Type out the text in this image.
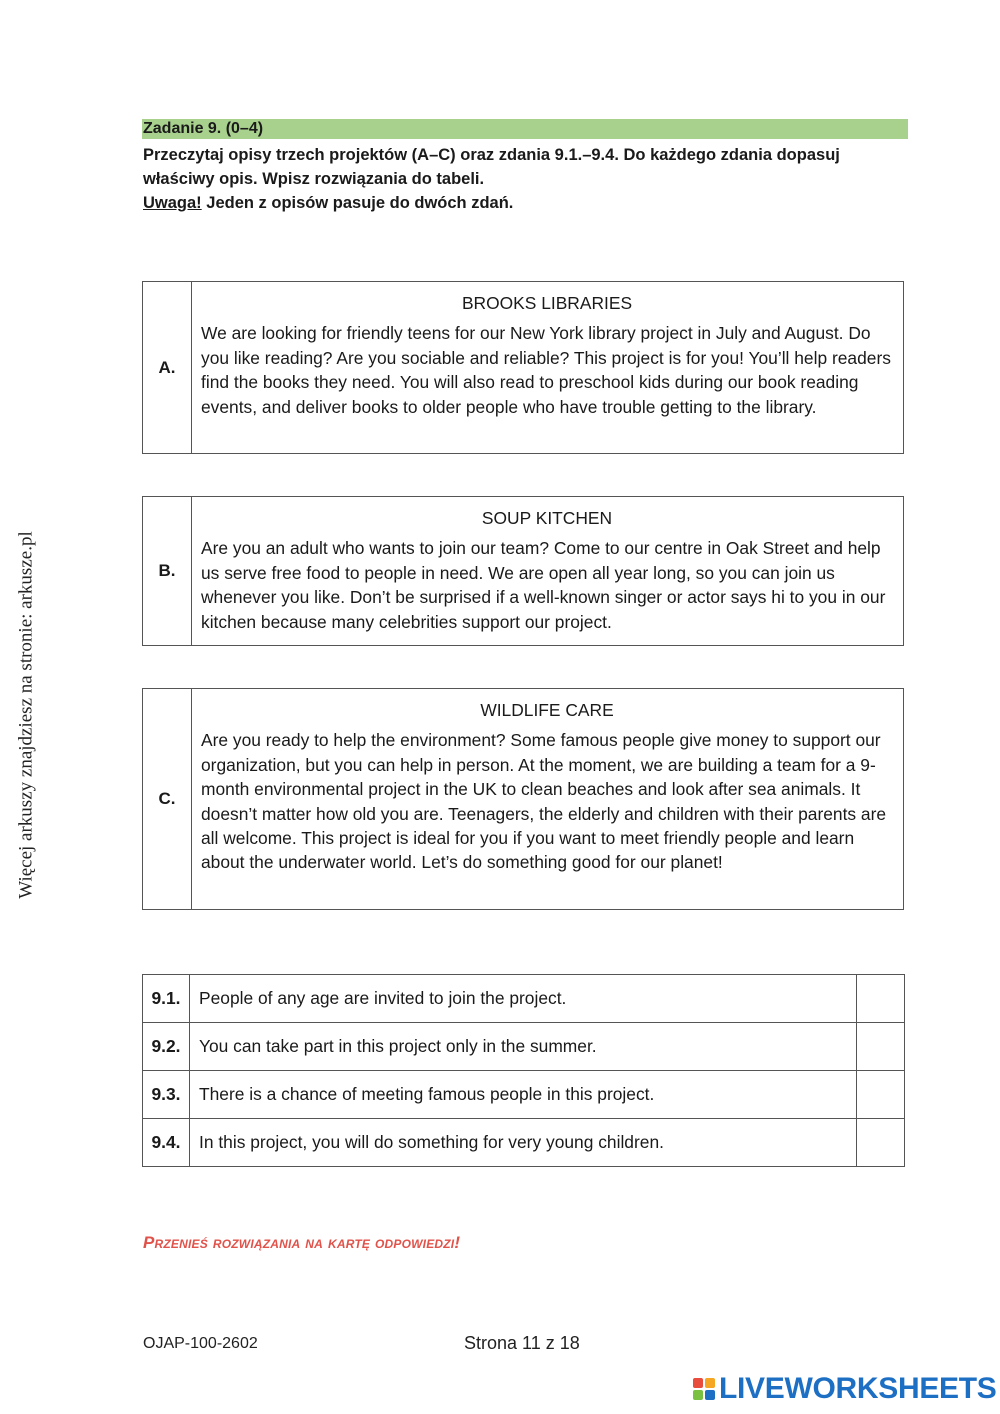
Więcej arkuszy znajdziesz na stronie: arkusze.pl
Zadanie 9. (0–4)
Przeczytaj opisy trzech projektów (A–C) oraz zdania 9.1.–9.4. Do każdego zdania dopasuj właściwy opis. Wpisz rozwiązania do tabeli.
Uwaga! Jeden z opisów pasuje do dwóch zdań.
A.
BROOKS LIBRARIES
We are looking for friendly teens for our New York library project in July and August. Do you like reading? Are you sociable and reliable? This project is for you! You’ll help readers find the books they need. You will also read to preschool kids during our book reading events, and deliver books to older people who have trouble getting to the library.
B.
SOUP KITCHEN
Are you an adult who wants to join our team? Come to our centre in Oak Street and help us serve free food to people in need. We are open all year long, so you can join us whenever you like. Don’t be surprised if a well-known singer or actor says hi to you in our kitchen because many celebrities support our project.
C.
WILDLIFE CARE
Are you ready to help the environment? Some famous people give money to support our organization, but you can help in person. At the moment, we are building a team for a 9-month environmental project in the UK to clean beaches and look after sea animals. It doesn’t matter how old you are. Teenagers, the elderly and children with their parents are all welcome. This project is ideal for you if you want to meet friendly people and learn about the underwater world. Let’s do something good for our planet!
9.1.	People of any age are invited to join the project.	
9.2.	You can take part in this project only in the summer.	
9.3.	There is a chance of meeting famous people in this project.	
9.4.	In this project, you will do something for very young children.	
Przenieś rozwiązania na kartę odpowiedzi!
OJAP-100-2602	Strona 11 z 18
LIVEWORKSHEETS
